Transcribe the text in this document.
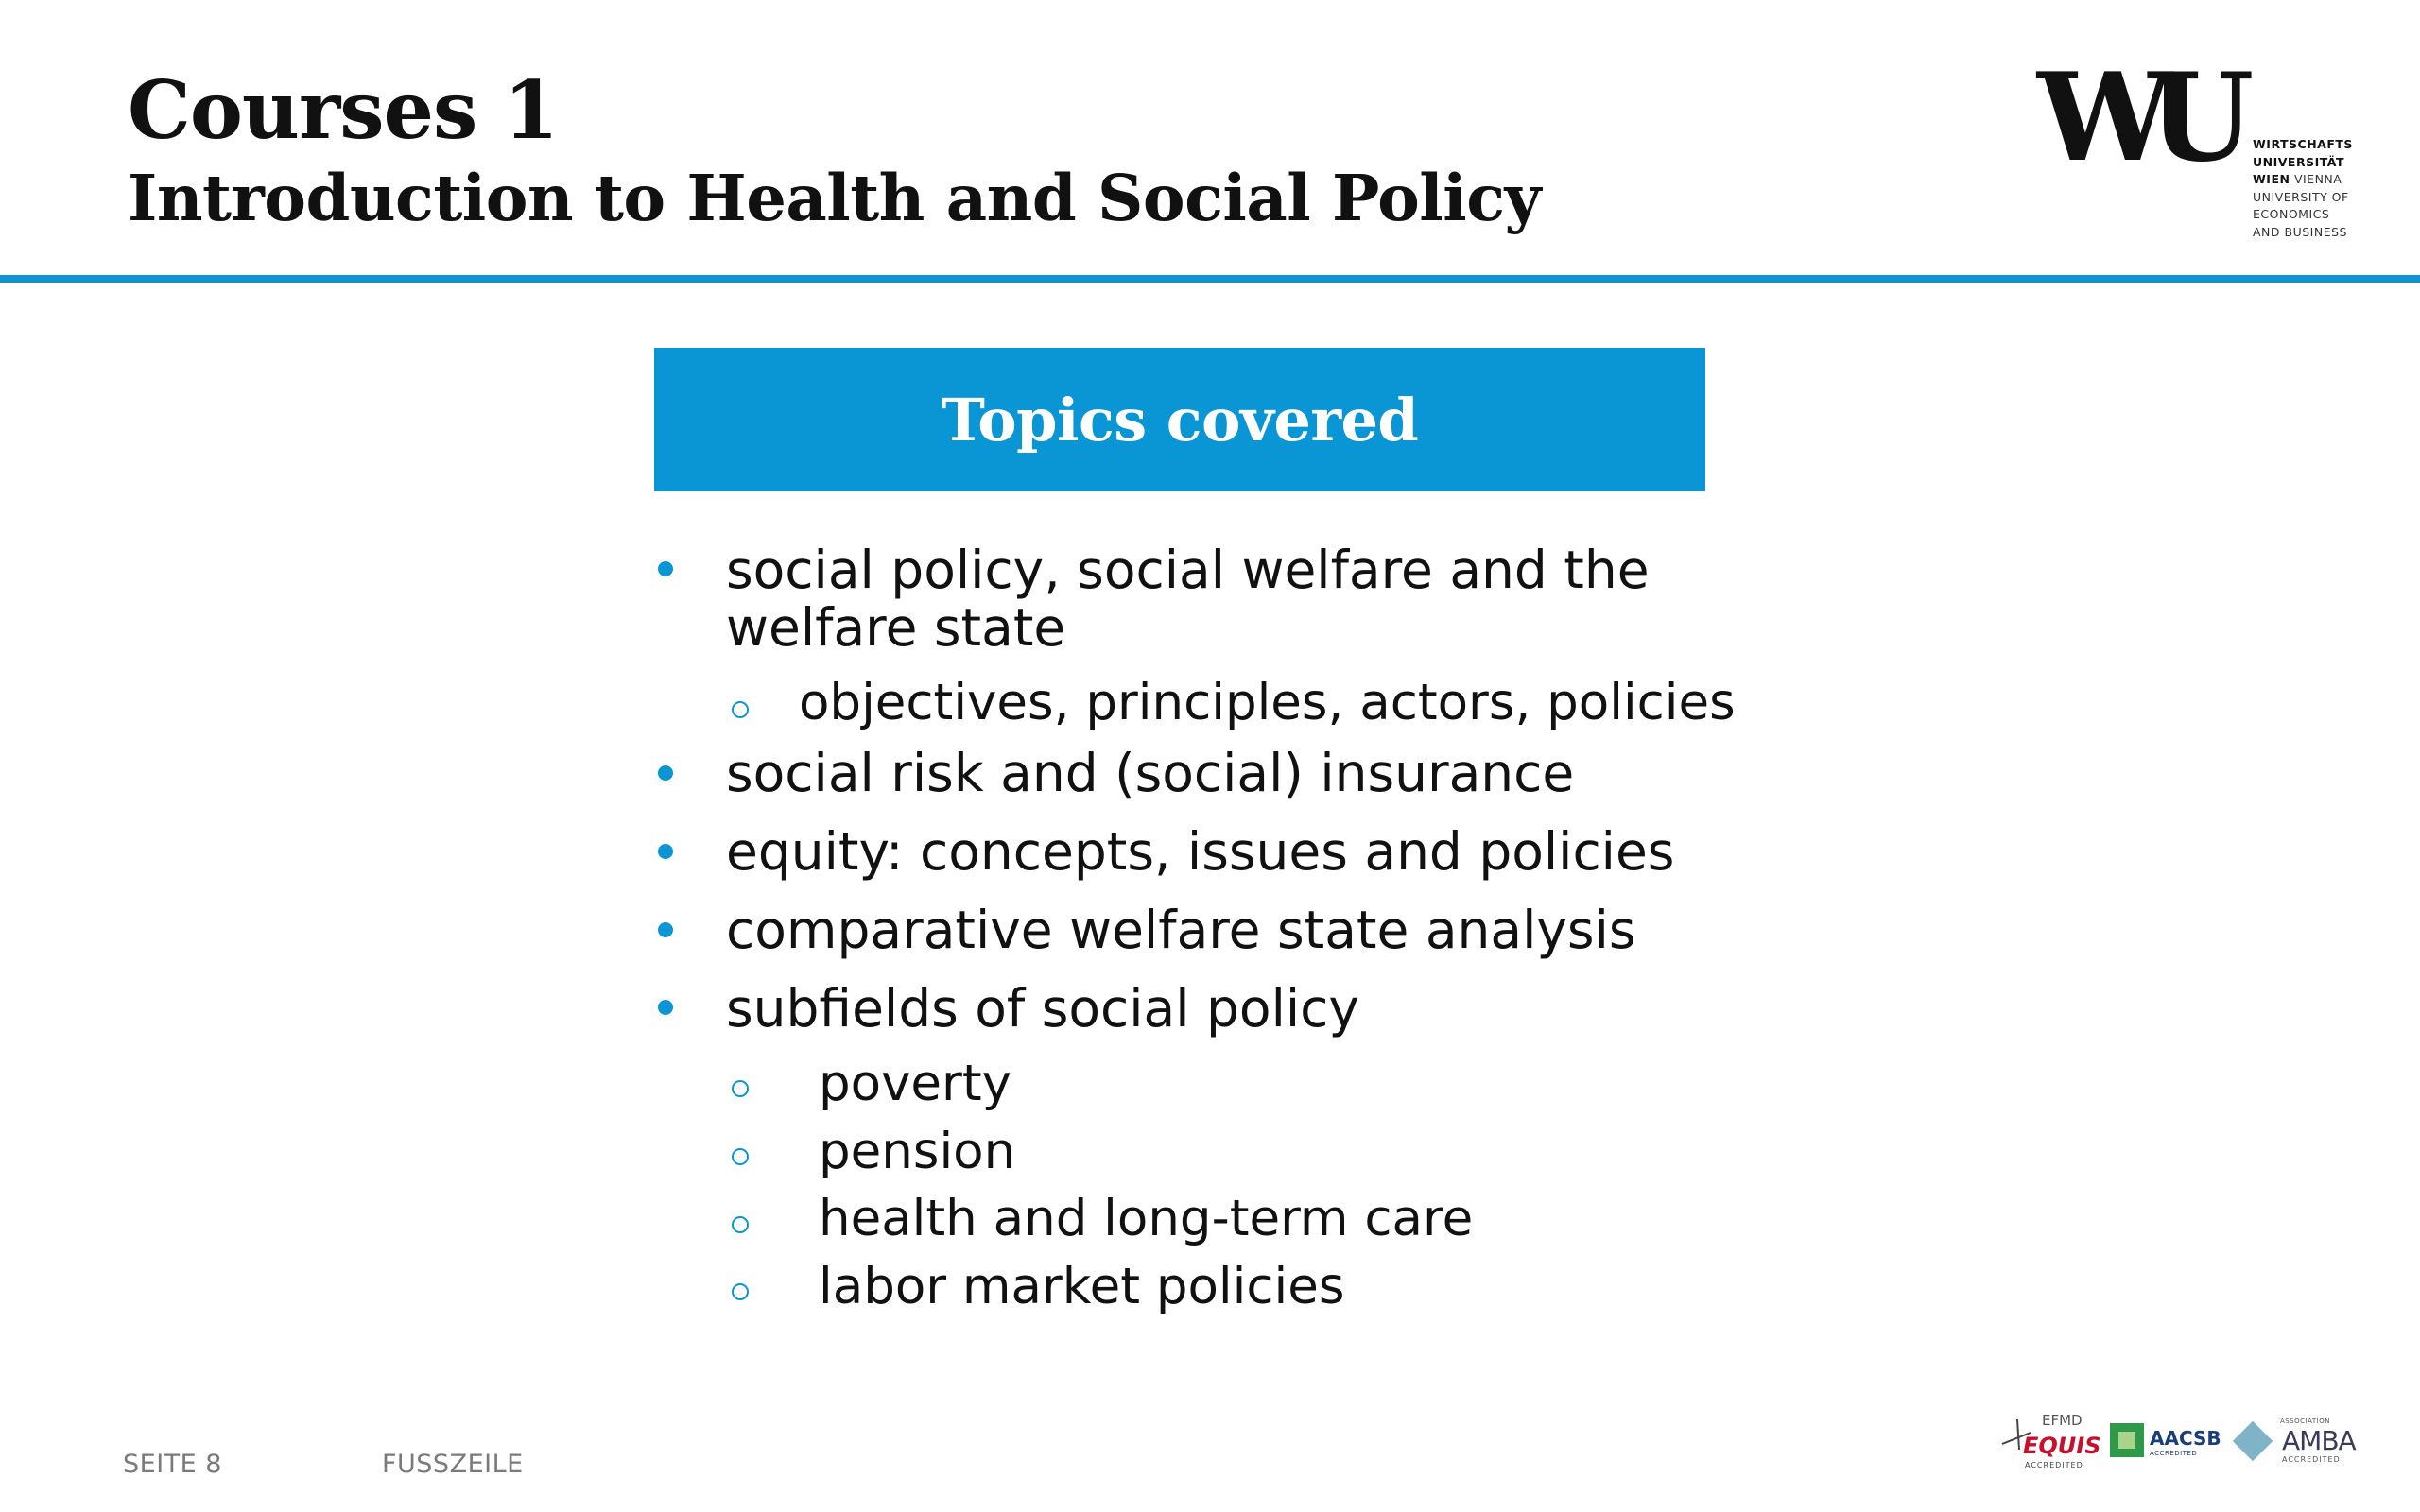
Courses 1
Introduction to Health and Social Policy
WU	WIRTSCHAFTS
UNIVERSITÄT
WIEN VIENNA
UNIVERSITY OF
ECONOMICS
AND BUSINESS
Topics covered

social policy, social welfare and the

welfare state

objectives, principles, actors, policies

social risk and (social) insurance

equity: concepts, issues and policies

comparative welfare state analysis

subfields of social policy

poverty

pension

health and long-term care

labor market policies

SEITE 8	FUSSZEILE
EFMD
EQUIS
ACCREDITED
AACSB
ACCREDITED
ASSOCIATION
AMBA
ACCREDITED
